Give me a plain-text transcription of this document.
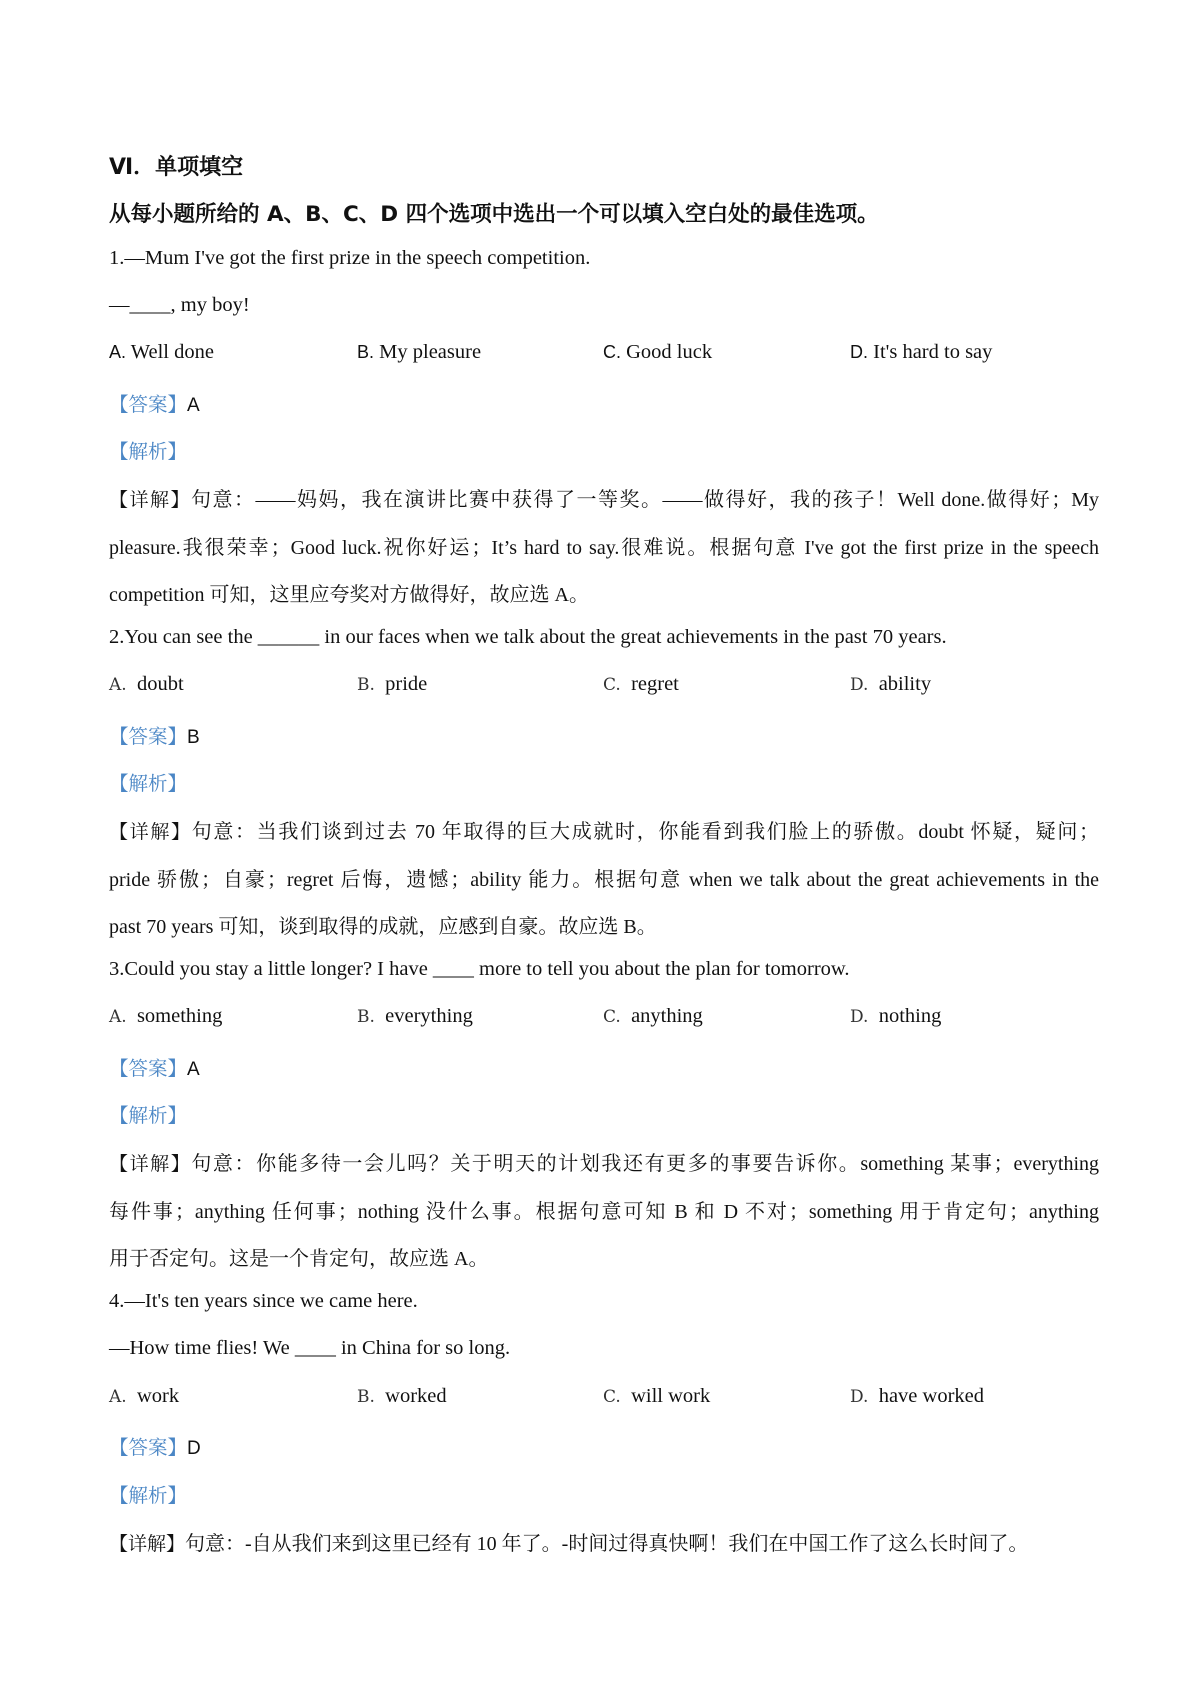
Ⅵ．单项填空
从每小题所给的 A、B、C、D 四个选项中选出一个可以填入空白处的最佳选项。
1.—Mum I've got the first prize in the speech competition.
—____, my boy!
A. Well done	B. My pleasure	C. Good luck	D. It's hard to say
【答案】A
【解析】
【详解】句意：——妈妈，我在演讲比赛中获得了一等奖。——做得好，我的孩子！Well done.做得好；My
pleasure.我很荣幸；Good luck.祝你好运；It’s hard to say.很难说。根据句意 I've got the first prize in the speech
competition 可知，这里应夸奖对方做得好，故应选 A。
2.You can see the ______ in our faces when we talk about the great achievements in the past 70 years.
A. doubt	B. pride	C. regret	D. ability
【答案】B
【解析】
【详解】句意：当我们谈到过去 70 年取得的巨大成就时，你能看到我们脸上的骄傲。doubt 怀疑，疑问；
pride 骄傲；自豪；regret 后悔，遗憾；ability 能力。根据句意 when we talk about the great achievements in the
past 70 years 可知，谈到取得的成就，应感到自豪。故应选 B。
3.Could you stay a little longer? I have ____ more to tell you about the plan for tomorrow.
A. something	B. everything	C. anything	D. nothing
【答案】A
【解析】
【详解】句意：你能多待一会儿吗？关于明天的计划我还有更多的事要告诉你。something 某事；everything
每件事；anything 任何事；nothing 没什么事。根据句意可知 B 和 D 不对；something 用于肯定句；anything
用于否定句。这是一个肯定句，故应选 A。
4.—It's ten years since we came here.
—How time flies! We ____ in China for so long.
A. work	B. worked	C. will work	D. have worked
【答案】D
【解析】
【详解】句意：-自从我们来到这里已经有 10 年了。-时间过得真快啊！我们在中国工作了这么长时间了。
